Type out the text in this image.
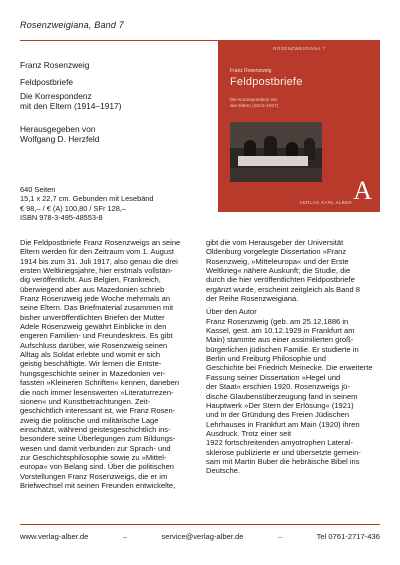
Rosenzweigiana, Band 7
Franz Rosenzweig
Feldpostbriefe
Die Korrespondenz
mit den Eltern (1914–1917)
Herausgegeben von
Wolfgang D. Herzfeld
ROSENZWEIGIANA 7
Franz Rosenzweig
Feldpostbriefe
Die Korrespondenz mit
den Eltern (1914–1917)
VERLAG KARL ALBER A
640 Seiten
15,1 x 22,7 cm. Gebunden mit Lesebänd
€ 98,– / € (A) 100,80 / SFr 128,–
ISBN 978-3-495-48553-8

Die Feldpostbriefe Franz Rosenzweigs an seine

Eltern werden für den Zeitraum vom 1. August

1914 bis zum 31. Juli 1917, also genau die drei

ersten Weltkriegsjahre, hier erstmals vollstän-

dig veröffentlicht. Aus Belgien, Frankreich,

überwiegend aber aus Mazedonien schrieb

Franz Rosenzweig jede Woche mehrmals an

seine Eltern. Das Briefmaterial zusammen mit

bisher unveröffentlichten Briefen der Mutter

Adele Rosenzweig gewährt Einblicke in den

engeren Familien- und Freundeskreis. Es gibt

Aufschluss darüber, wie Rosenzweig seinen

Alltag als Soldat erlebte und womit er sich

geistig beschäftigte. Wir lernen die Entste-

hungsgeschichte seiner in Mazedonien ver-

fassten »Kleineren Schriften« kennen, daneben

die noch immer lesenswerten »Literaturrezen-

sionen« und Kunstbetrachtungen. Zeit-

geschichtlich interessant ist, wie Franz Rosen-

zweig die politische und militärische Lage

einschätzt, während geistesgeschichtlich ins-

besondere seine Überlegungen zum Bildungs-

wesen und damit verbunden zur Sprach- und

zur Geschichtsphilosophie sowie zu »Mittel-

europa« von Belang sind. Über die politischen

Vorstellungen Franz Rosenzweigs, die er im

Briefwechsel mit seinen Freunden entwickelte,

gibt die vom Herausgeber der Universität

Oldenburg vorgelegte Dissertation »Franz

Rosenzweig, »Mitteleuropa« und der Erste

Weltkrieg« nähere Auskunft; die Studie, die

durch die hier veröffentlichten Feldpostbriefe

ergänzt wurde, erscheint zeitgleich als Band 8

der Reihe Rosenzweigiana.

Über den Autor

Franz Rosenzweig (geb. am 25.12.1886 in

Kassel, gest. am 10.12.1929 in Frankfurt am

Main) stammte aus einer assimilierten groß-

bürgerlichen jüdischen Familie. Er studierte in

Berlin und Freiburg Philosophie und

Geschichte bei Friedrich Meinecke. Die erweiterte

Fassung seiner Dissertation »Hegel und

der Staat« erschien 1920. Rosenzweigs jü-

dische Glaubensüberzeugung fand in seinem

Hauptwerk »Der Stern der Erlösung« (1921)

und in der Gründung des Freien Jüdischen

Lehrhauses in Frankfurt am Main (1920) ihren

Ausdruck. Trotz einer seit

1922 fortschreitenden amyotrophen Lateral-

sklerose publizierte er und übersetzte gemein-

sam mit Martin Buber die hebräische Bibel ins

Deutsche.

www.verlag-alber.de	–	service@verlag-alber.de	–	Tel 0761-2717-436
